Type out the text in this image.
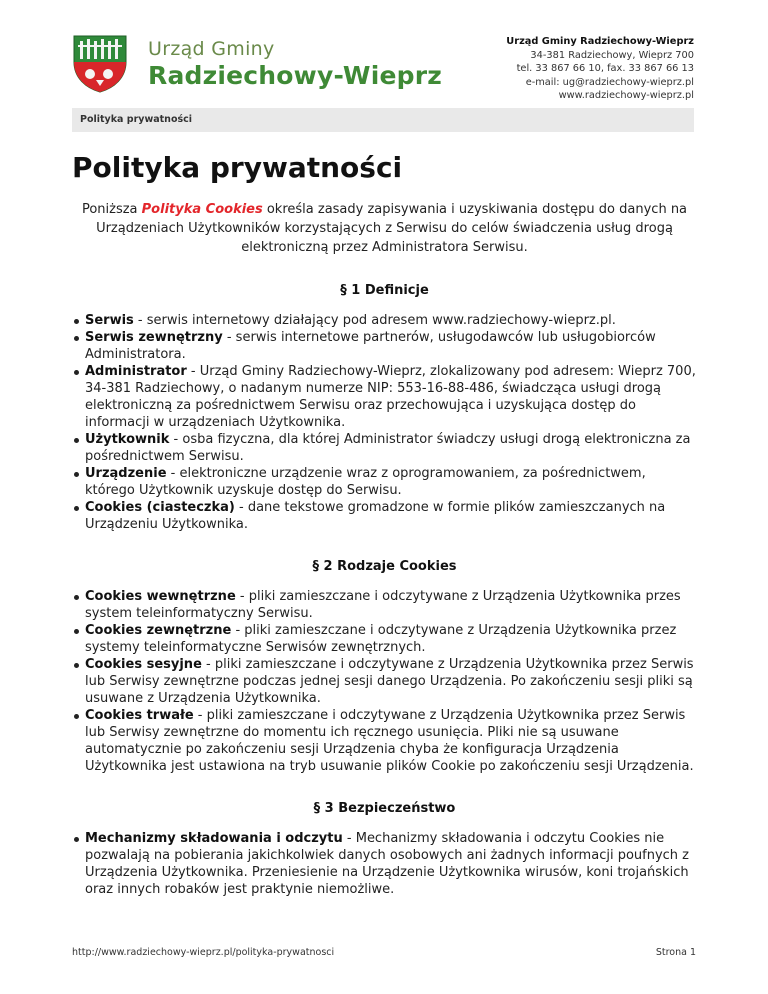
Urząd Gminy
Radziechowy-Wieprz
Urząd Gminy Radziechowy-Wieprz
34-381 Radziechowy, Wieprz 700
tel. 33 867 66 10, fax. 33 867 66 13
e-mail: ug@radziechowy-wieprz.pl
www.radziechowy-wieprz.pl
Polityka prywatności
Polityka prywatności

Poniższa Polityka Cookies określa zasady zapisywania i uzyskiwania dostępu do danych na Urządzeniach Użytkowników korzystających z Serwisu do celów świadczenia usług drogą elektroniczną przez Administratora Serwisu.

§ 1 Definicje
Serwis - serwis internetowy działający pod adresem www.radziechowy-wieprz.pl.
Serwis zewnętrzny - serwis internetowe partnerów, usługodawców lub usługobiorców Administratora.
Administrator - Urząd Gminy Radziechowy-Wieprz, zlokalizowany pod adresem: Wieprz 700, 34-381 Radziechowy, o nadanym numerze NIP: 553-16-88-486, świadcząca usługi drogą elektroniczną za pośrednictwem Serwisu oraz przechowująca i uzyskująca dostęp do informacji w urządzeniach Użytkownika.
Użytkownik - osba fizyczna, dla której Administrator świadczy usługi drogą elektroniczna za pośrednictwem Serwisu.
Urządzenie - elektroniczne urządzenie wraz z oprogramowaniem, za pośrednictwem, którego Użytkownik uzyskuje dostęp do Serwisu.
Cookies (ciasteczka) - dane tekstowe gromadzone w formie plików zamieszczanych na Urządzeniu Użytkownika.
§ 2 Rodzaje Cookies
Cookies wewnętrzne - pliki zamieszczane i odczytywane z Urządzenia Użytkownika przes system teleinformatyczny Serwisu.
Cookies zewnętrzne - pliki zamieszczane i odczytywane z Urządzenia Użytkownika przez systemy teleinformatyczne Serwisów zewnętrznych.
Cookies sesyjne - pliki zamieszczane i odczytywane z Urządzenia Użytkownika przez Serwis lub Serwisy zewnętrzne podczas jednej sesji danego Urządzenia. Po zakończeniu sesji pliki są usuwane z Urządzenia Użytkownika.
Cookies trwałe - pliki zamieszczane i odczytywane z Urządzenia Użytkownika przez Serwis lub Serwisy zewnętrzne do momentu ich ręcznego usunięcia. Pliki nie są usuwane automatycznie po zakończeniu sesji Urządzenia chyba że konfiguracja Urządzenia Użytkownika jest ustawiona na tryb usuwanie plików Cookie po zakończeniu sesji Urządzenia.
§ 3 Bezpieczeństwo
Mechanizmy składowania i odczytu - Mechanizmy składowania i odczytu Cookies nie pozwalają na pobierania jakichkolwiek danych osobowych ani żadnych informacji poufnych z Urządzenia Użytkownika. Przeniesienie na Urządzenie Użytkownika wirusów, koni trojańskich oraz innych robaków jest praktynie niemożliwe.
http://www.radziechowy-wieprz.pl/polityka-prywatnosci	Strona 1
